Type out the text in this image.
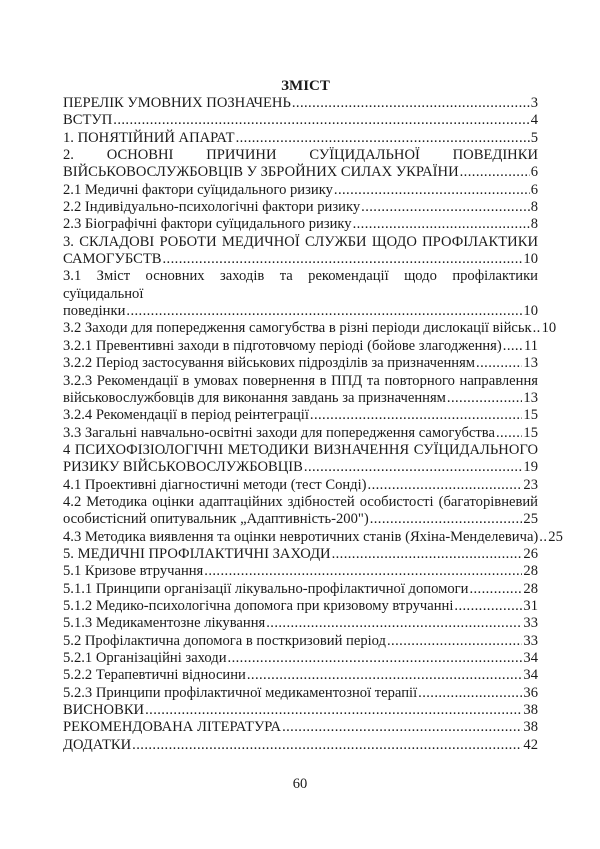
ЗМІСТ
ПЕРЕЛІК УМОВНИХ ПОЗНАЧЕНЬ .....	3
ВСТУП .....	4
1. ПОНЯТІЙНИЙ АПАРАТ .....	5
2. ОСНОВНІ ПРИЧИНИ СУЇЦИДАЛЬНОЇ ПОВЕДІНКИ
ВІЙСЬКОВОСЛУЖБОВЦІВ У ЗБРОЙНИХ СИЛАХ УКРАЇНИ .....	6
2.1 Медичні фактори суїцидального ризику .....	6
2.2 Індивідуально-психологічні фактори ризику .....	8
2.3 Біографічні фактори суїцидального ризику .....	8
3. СКЛАДОВІ РОБОТИ МЕДИЧНОЇ СЛУЖБИ ЩОДО ПРОФІЛАКТИКИ
САМОГУБСТВ .....	10
3.1 Зміст основних заходів та рекомендації щодо профілактики суїцидальної
поведінки .....	10
3.2 Заходи для попередження самогубства в різні періоди дислокації військ ..... 10
3.2.1 Превентивні заходи в підготовчому періоді (бойове злагодження) ..... 11
3.2.2 Період застосування військових підрозділів за призначенням .....	13
3.2.3 Рекомендації в умовах повернення в ППД та повторного направлення
військовослужбовців для виконання завдань за призначенням .....	13
3.2.4 Рекомендації в період реінтеграції .....	15
3.3 Загальні навчально-освітні заходи для попередження самогубства ..... 15
4 ПСИХОФІЗІОЛОГІЧНІ МЕТОДИКИ ВИЗНАЧЕННЯ СУЇЦИДАЛЬНОГО
РИЗИКУ ВІЙСЬКОВОСЛУЖБОВЦІВ .....	19
4.1 Проективні діагностичні методи (тест Сонді) .....	23
4.2 Методика оцінки адаптаційних здібностей особистості (багаторівневий
особистісний опитувальник „Адаптивність-200") .....	25
4.3 Методика виявлення та оцінки невротичних станів (Яхіна-Менделевича) ..... 25
5. МЕДИЧНІ ПРОФІЛАКТИЧНІ ЗАХОДИ .....	26
5.1 Кризове втручання .....	28
5.1.1 Принципи організації лікувально-профілактичної допомоги .....	28
5.1.2 Медико-психологічна допомога при кризовому втручанні .....	31
5.1.3 Медикаментозне лікування .....	33
5.2 Профілактична допомога в посткризовий період .....	33
5.2.1 Організаційні заходи .....	34
5.2.2 Терапевтичні відносини .....	34
5.2.3 Принципи профілактичної медикаментозної терапії .....	36
ВИСНОВКИ .....	38
РЕКОМЕНДОВАНА ЛІТЕРАТУРА .....	38
ДОДАТКИ .....	42
60
